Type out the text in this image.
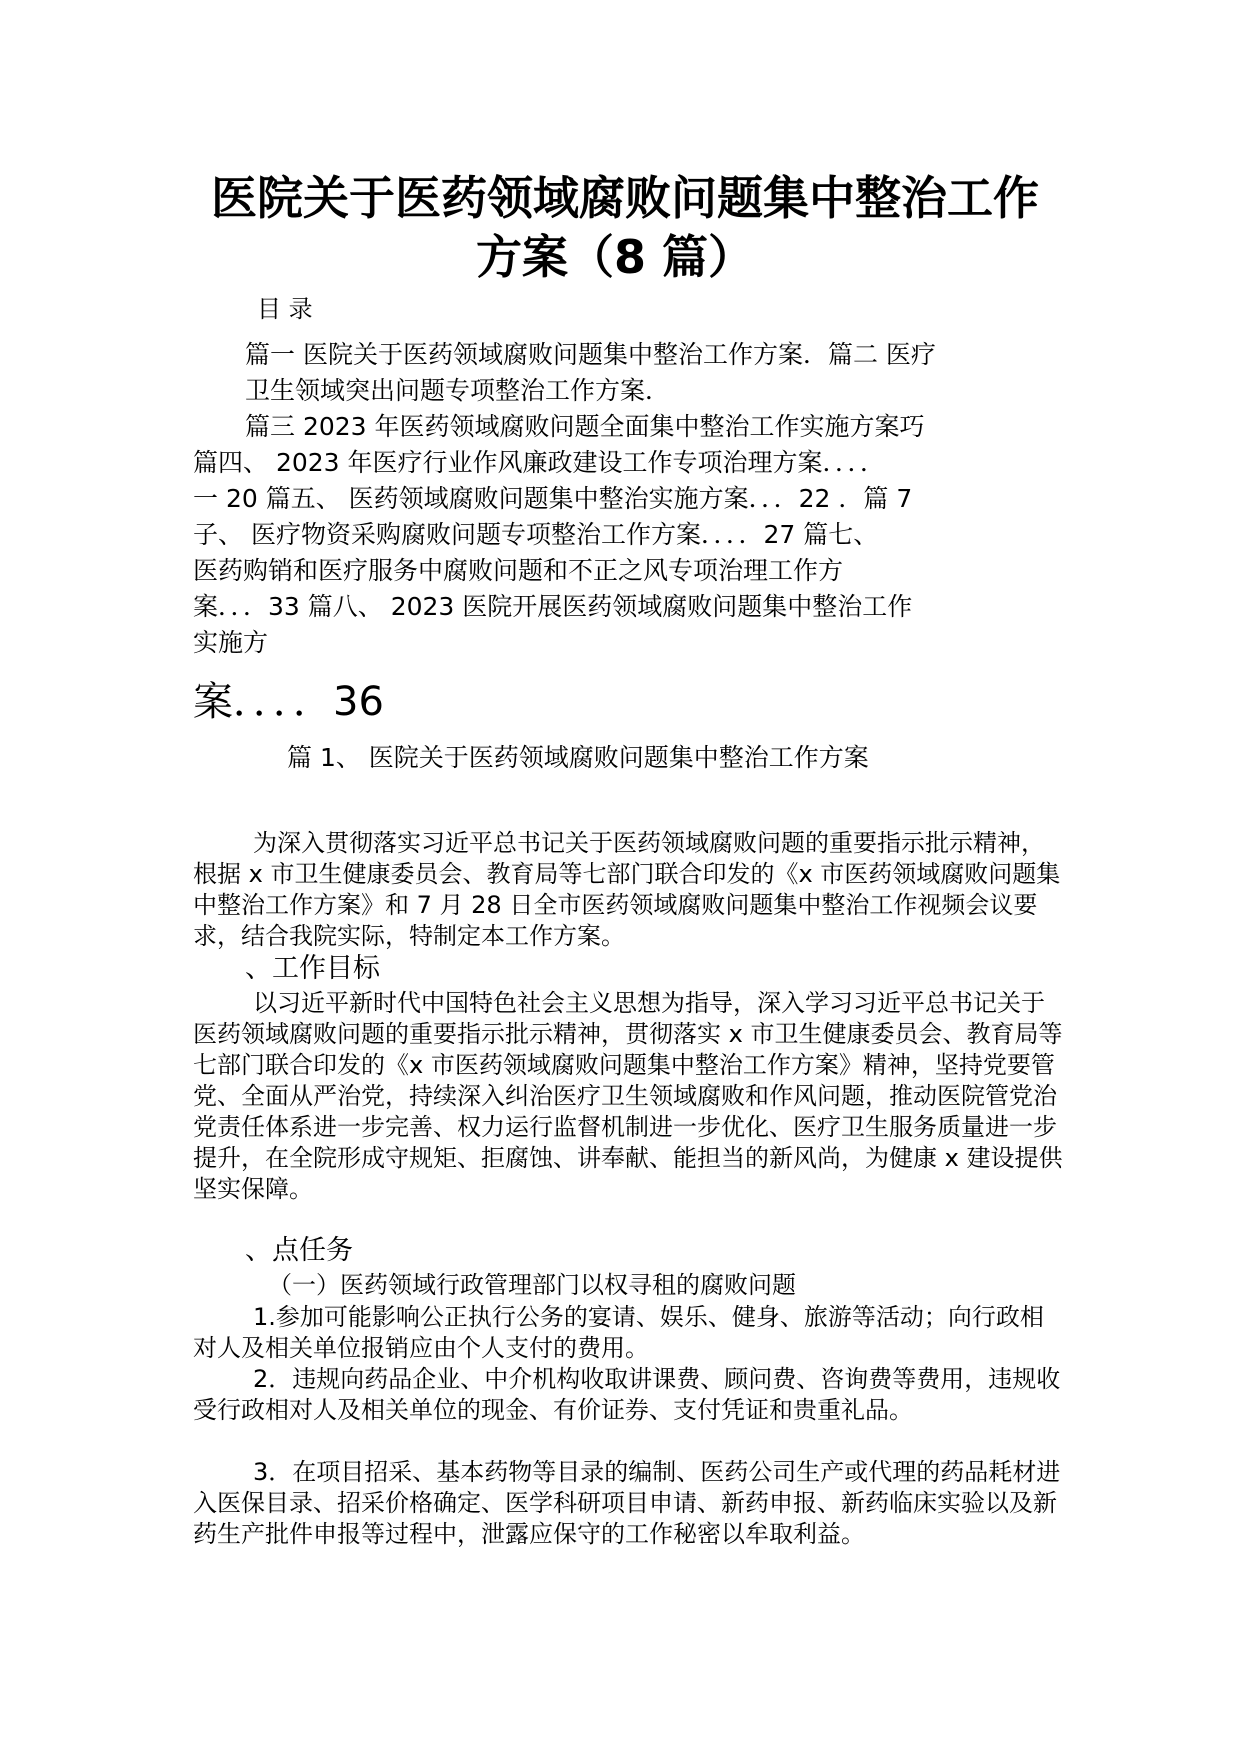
医院关于医药领域腐败问题集中整治工作
方案（8 篇）
目 录
篇一 医院关于医药领域腐败问题集中整治工作方案．篇二 医疗
卫生领域突出问题专项整治工作方案．
篇三 2023 年医药领域腐败问题全面集中整治工作实施方案巧
篇四、 2023 年医疗行业作风廉政建设工作专项治理方案．．．．
一 20 篇五、 医药领域腐败问题集中整治实施方案．．．22 ．篇 7
子、 医疗物资采购腐败问题专项整治工作方案．．．．27 篇七、
医药购销和医疗服务中腐败问题和不正之风专项治理工作方
案．．．33 篇八、 2023 医院开展医药领域腐败问题集中整治工作
实施方
案．．．．36
篇 1、 医院关于医药领域腐败问题集中整治工作方案

为深入贯彻落实习近平总书记关于医药领域腐败问题的重要指示批示精神，根据 x 市卫生健康委员会、教育局等七部门联合印发的《x 市医药领域腐败问题集中整治工作方案》和 7 月 28 日全市医药领域腐败问题集中整治工作视频会议要求，结合我院实际，特制定本工作方案。

、工作目标

以习近平新时代中国特色社会主义思想为指导，深入学习习近平总书记关于医药领域腐败问题的重要指示批示精神，贯彻落实 x 市卫生健康委员会、教育局等七部门联合印发的《x 市医药领域腐败问题集中整治工作方案》精神，坚持党要管党、全面从严治党，持续深入纠治医疗卫生领域腐败和作风问题，推动医院管党治党责任体系进一步完善、权力运行监督机制进一步优化、医疗卫生服务质量进一步提升，在全院形成守规矩、拒腐蚀、讲奉献、能担当的新风尚，为健康 x 建设提供坚实保障。

、点任务

（一）医药领域行政管理部门以权寻租的腐败问题

1.参加可能影响公正执行公务的宴请、娱乐、健身、旅游等活动；向行政相对人及相关单位报销应由个人支付的费用。

2．违规向药品企业、中介机构收取讲课费、顾问费、咨询费等费用，违规收受行政相对人及相关单位的现金、有价证券、支付凭证和贵重礼品。

3．在项目招采、基本药物等目录的编制、医药公司生产或代理的药品耗材进入医保目录、招采价格确定、医学科研项目申请、新药申报、新药临床实验以及新药生产批件申报等过程中，泄露应保守的工作秘密以牟取利益。
